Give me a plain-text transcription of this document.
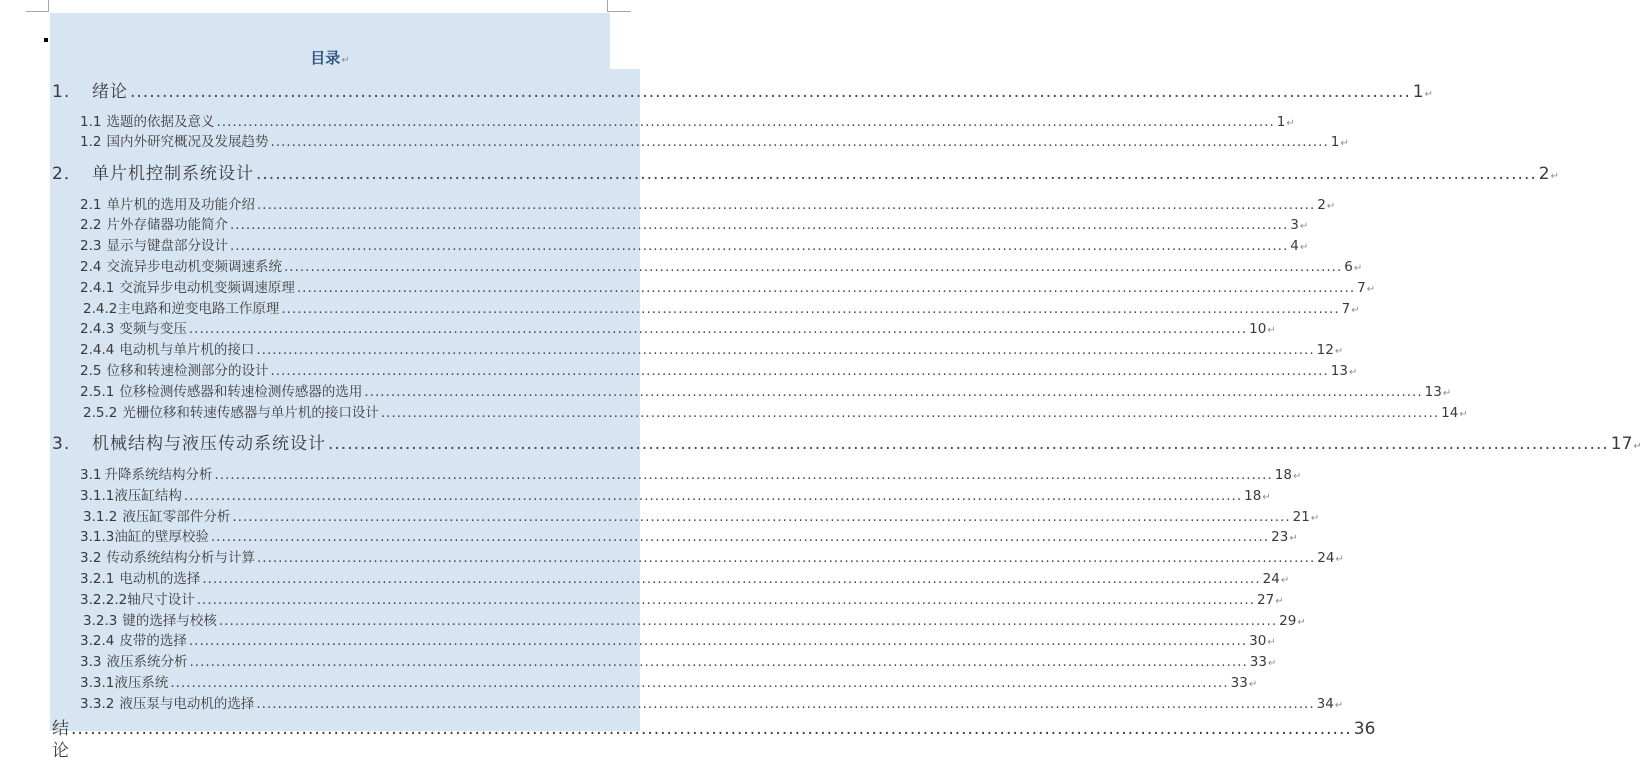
目录↵
1.	绪论 ........................................................................................................................................................................................................ 1 ↵
1.1 选题的依据及意义 ........................................................................................................................................................................................................ 1 ↵
1.2 国内外研究概况及发展趋势 ........................................................................................................................................................................................................ 1 ↵
2． 单片机控制系统设计 ........................................................................................................................................................................................................ 2 ↵
2.1 单片机的选用及功能介绍 ........................................................................................................................................................................................................ 2 ↵
2.2 片外存储器功能简介 ........................................................................................................................................................................................................ 3 ↵
2.3 显示与键盘部分设计 ........................................................................................................................................................................................................ 4 ↵
2.4 交流异步电动机变频调速系统 ........................................................................................................................................................................................................ 6 ↵
2.4.1 交流异步电动机变频调速原理 ........................................................................................................................................................................................................ 7 ↵
2.4.2 主电路和逆变电路工作原理 ........................................................................................................................................................................................................ 7 ↵
2.4.3 变频与变压 ........................................................................................................................................................................................................ 10 ↵
2.4.4 电动机与单片机的接口 ........................................................................................................................................................................................................ 12 ↵
2.5 位移和转速检测部分的设计 ........................................................................................................................................................................................................ 13 ↵
2.5.1 位移检测传感器和转速检测传感器的选用 ........................................................................................................................................................................................................ 13 ↵
2.5.2 光栅位移和转速传感器与单片机的接口设计 ........................................................................................................................................................................................................ 14 ↵
3.	机械结构与液压传动系统设计 ........................................................................................................................................................................................................ 17 ↵
3.1 升降系统结构分析 ........................................................................................................................................................................................................ 18 ↵
3.1.1 液压缸结构 ........................................................................................................................................................................................................ 18 ↵
3.1.2 液压缸零部件分析 ........................................................................................................................................................................................................ 21 ↵
3.1.3 油缸的壁厚校验 ........................................................................................................................................................................................................ 23 ↵
3.2 传动系统结构分析与计算 ........................................................................................................................................................................................................ 24 ↵
3.2.1 电动机的选择 ........................................................................................................................................................................................................ 24 ↵
3.2.2.2 轴尺寸设计 ........................................................................................................................................................................................................ 27 ↵
3.2.3 键的选择与校核 ........................................................................................................................................................................................................ 29 ↵
3.2.4 皮带的选择 ........................................................................................................................................................................................................ 30 ↵
3.3 液压系统分析 ........................................................................................................................................................................................................ 33 ↵
3.3.1 液压系统 ........................................................................................................................................................................................................ 33 ↵
3.3.2 液压泵与电动机的选择 ........................................................................................................................................................................................................ 34 ↵
结论
........................................................................................................................................................................................................ 36
